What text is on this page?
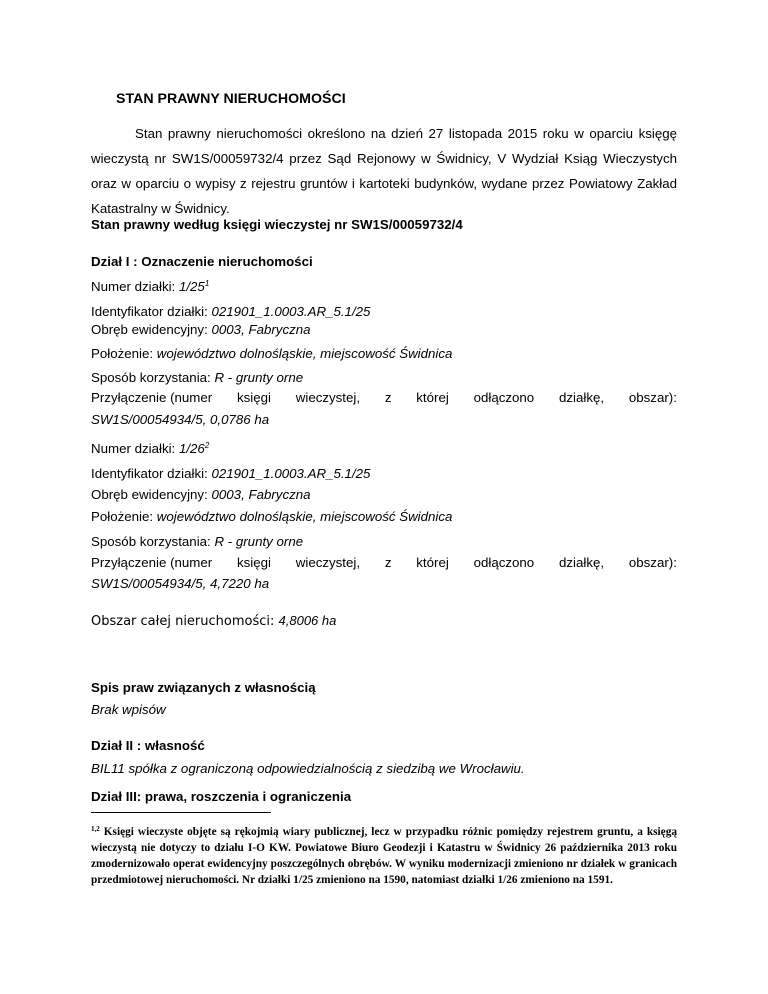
STAN PRAWNY NIERUCHOMOŚCI

Stan prawny nieruchomości określono na dzień 27 listopada 2015 roku w oparciu księgę wieczystą nr SW1S/00059732/4 przez Sąd Rejonowy w Świdnicy, V Wydział Ksiąg Wieczystych oraz w oparciu o wypisy z rejestru gruntów i kartoteki budynków, wydane przez Powiatowy Zakład Katastralny w Świdnicy.

Stan prawny według księgi wieczystej nr SW1S/00059732/4
Dział I : Oznaczenie nieruchomości
Numer działki: $1/25^1$
Identyfikator działki: 021901_1.0003.AR_5.1/25
Obręb ewidencyjny: 0003, Fabryczna
Położenie: województwo dolnośląskie, miejscowość Świdnica
Sposób korzystania: R - grunty orne
Przyłączenie (numer księgi wieczystej, z której odłączono działkę, obszar):
SW1S/00054934/5, 0,0786 ha
Numer działki: $1/26^2$
Identyfikator działki: 021901_1.0003.AR_5.1/25
Obręb ewidencyjny: 0003, Fabryczna
Położenie: województwo dolnośląskie, miejscowość Świdnica
Sposób korzystania: R - grunty orne
Przyłączenie (numer księgi wieczystej, z której odłączono działkę, obszar):
SW1S/00054934/5, 4,7220 ha
Obszar całej nieruchomości: 4,8006 ha
Spis praw związanych z własnością
Brak wpisów
Dział II : własność
BIL11 spółka z ograniczoną odpowiedzialnością z siedzibą we Wrocławiu.
Dział III: prawa, roszczenia i ograniczenia

$^{1,2}$ Księgi wieczyste objęte są rękojmią wiary publicznej, lecz w przypadku różnic pomiędzy rejestrem gruntu, a księgą wieczystą nie dotyczy to działu I-O KW. Powiatowe Biuro Geodezji i Katastru w Świdnicy 26 października 2013 roku zmodernizowało operat ewidencyjny poszczególnych obrębów. W wyniku modernizacji zmieniono nr działek w granicach przedmiotowej nieruchomości. Nr działki 1/25 zmieniono na 1590, natomiast działki 1/26 zmieniono na 1591.
